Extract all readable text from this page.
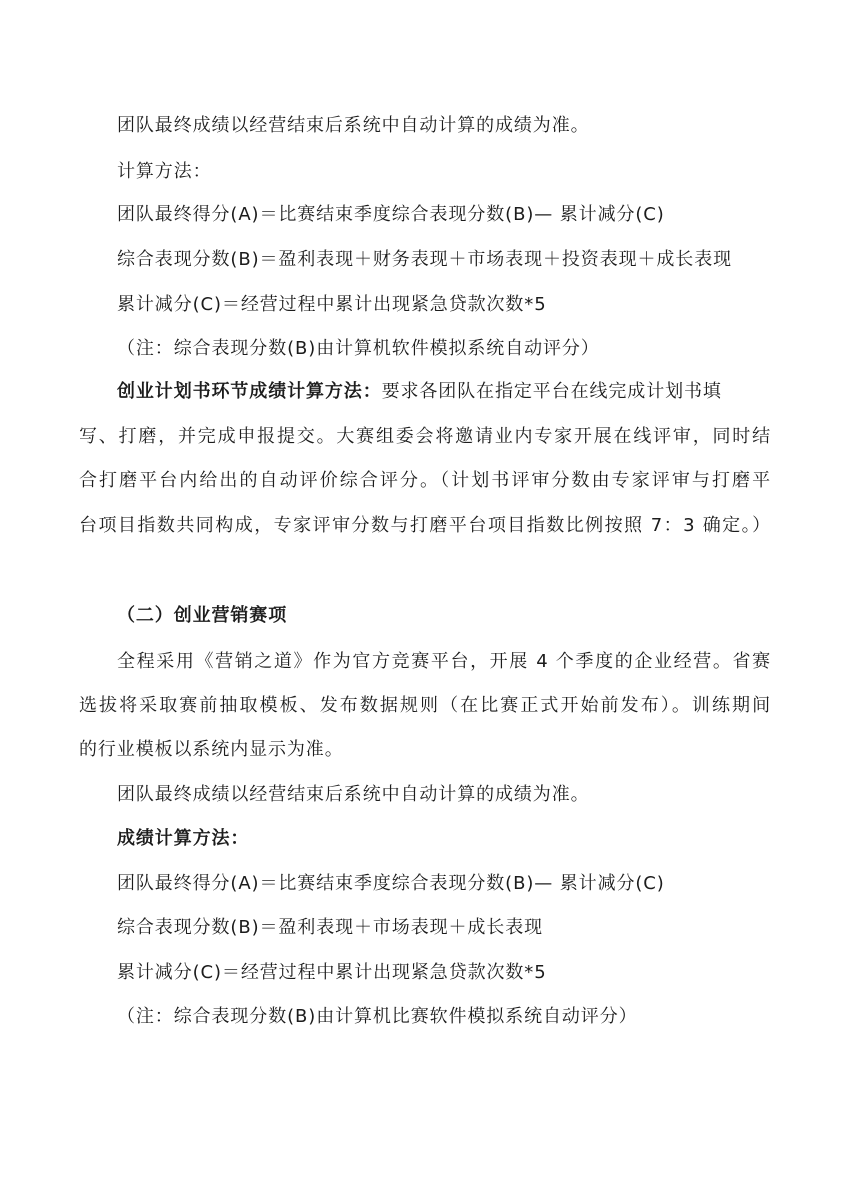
团队最终成绩以经营结束后系统中自动计算的成绩为准。
计算方法：
团队最终得分(A)＝比赛结束季度综合表现分数(B)— 累计减分(C)
综合表现分数(B)＝盈利表现＋财务表现＋市场表现＋投资表现＋成长表现
累计减分(C)＝经营过程中累计出现紧急贷款次数*5
（注：综合表现分数(B)由计算机软件模拟系统自动评分）
创业计划书环节成绩计算方法：要求各团队在指定平台在线完成计划书填
写、打磨，并完成申报提交。大赛组委会将邀请业内专家开展在线评审，同时结
合打磨平台内给出的自动评价综合评分。（计划书评审分数由专家评审与打磨平
台项目指数共同构成，专家评审分数与打磨平台项目指数比例按照 7：3 确定。）
（二）创业营销赛项
全程采用《营销之道》作为官方竞赛平台，开展 4 个季度的企业经营。省赛
选拔将采取赛前抽取模板、发布数据规则（在比赛正式开始前发布）。训练期间
的行业模板以系统内显示为准。
团队最终成绩以经营结束后系统中自动计算的成绩为准。
成绩计算方法：
团队最终得分(A)＝比赛结束季度综合表现分数(B)— 累计减分(C)
综合表现分数(B)＝盈利表现＋市场表现＋成长表现
累计减分(C)＝经营过程中累计出现紧急贷款次数*5
（注：综合表现分数(B)由计算机比赛软件模拟系统自动评分）
